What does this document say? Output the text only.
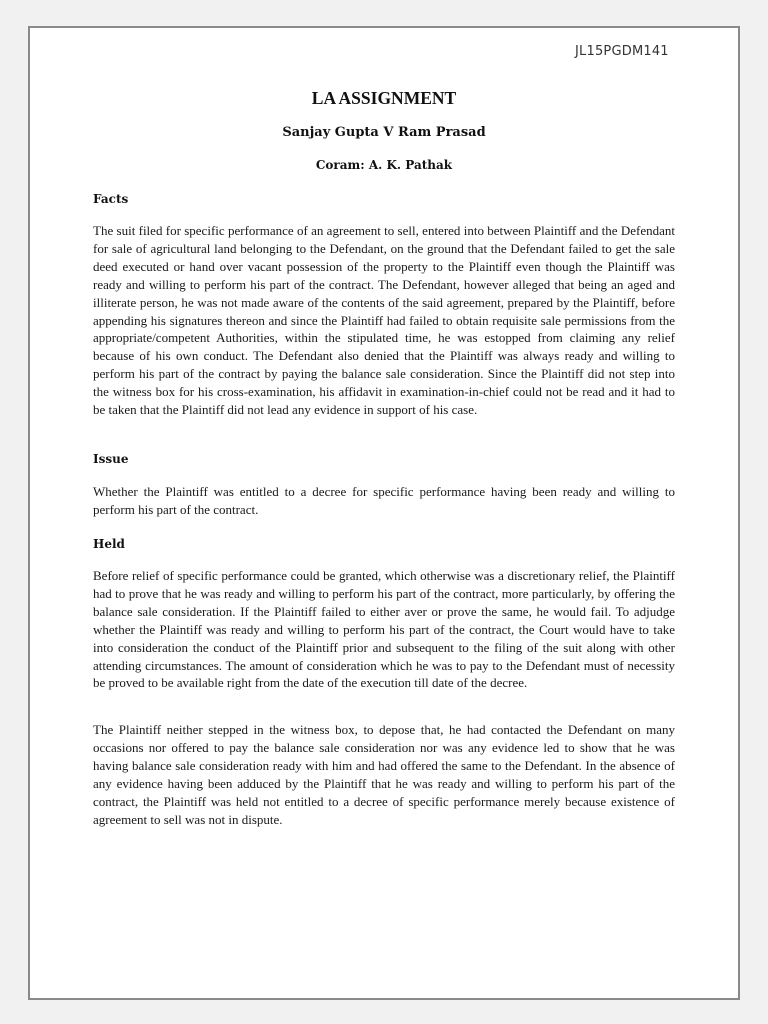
JL15PGDM141
LA ASSIGNMENT
Sanjay Gupta V Ram Prasad
Coram: A. K. Pathak
Facts

The suit filed for specific performance of an agreement to sell, entered into between Plaintiff and the Defendant for sale of agricultural land belonging to the Defendant, on the ground that the Defendant failed to get the sale deed executed or hand over vacant possession of the property to the Plaintiff even though the Plaintiff was ready and willing to perform his part of the contract. The Defendant, however alleged that being an aged and illiterate person, he was not made aware of the contents of the said agreement, prepared by the Plaintiff, before appending his signatures thereon and since the Plaintiff had failed to obtain requisite sale permissions from the appropriate/competent Authorities, within the stipulated time, he was estopped from claiming any relief because of his own conduct. The Defendant also denied that the Plaintiff was always ready and willing to perform his part of the contract by paying the balance sale consideration. Since the Plaintiff did not step into the witness box for his cross-examination, his affidavit in examination-in-chief could not be read and it had to be taken that the Plaintiff did not lead any evidence in support of his case.

Issue

Whether the Plaintiff was entitled to a decree for specific performance having been ready and willing to perform his part of the contract.

Held

Before relief of specific performance could be granted, which otherwise was a discretionary relief, the Plaintiff had to prove that he was ready and willing to perform his part of the contract, more particularly, by offering the balance sale consideration. If the Plaintiff failed to either aver or prove the same, he would fail. To adjudge whether the Plaintiff was ready and willing to perform his part of the contract, the Court would have to take into consideration the conduct of the Plaintiff prior and subsequent to the filing of the suit along with other attending circumstances. The amount of consideration which he was to pay to the Defendant must of necessity be proved to be available right from the date of the execution till date of the decree.

The Plaintiff neither stepped in the witness box, to depose that, he had contacted the Defendant on many occasions nor offered to pay the balance sale consideration nor was any evidence led to show that he was having balance sale consideration ready with him and had offered the same to the Defendant. In the absence of any evidence having been adduced by the Plaintiff that he was ready and willing to perform his part of the contract, the Plaintiff was held not entitled to a decree of specific performance merely because existence of agreement to sell was not in dispute.
